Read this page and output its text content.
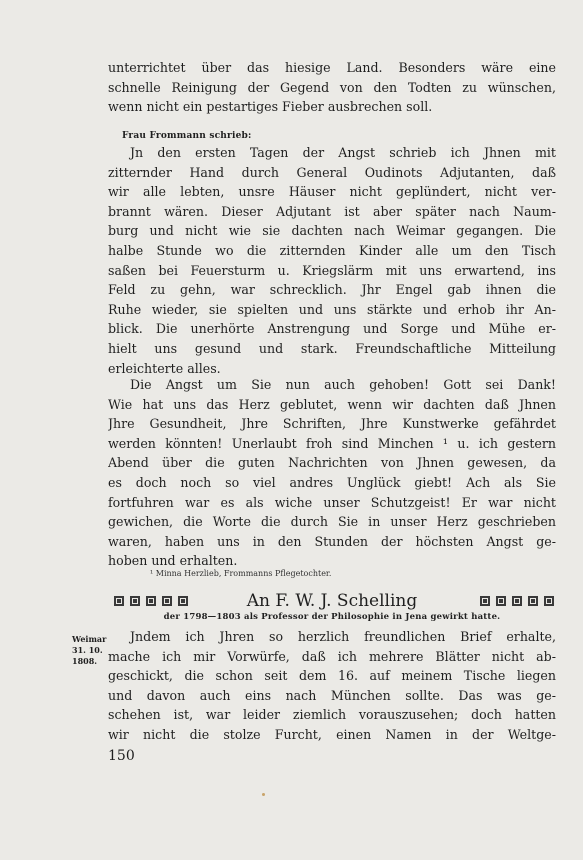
unterrichtet über das hiesige Land. Besonders wäre eine
schnelle Reinigung der Gegend von den Todten zu wünschen,
wenn nicht ein pestartiges Fieber ausbrechen soll.
Frau Frommann schrieb:
Jn den ersten Tagen der Angst schrieb ich Jhnen mit
zitternder Hand durch General Oudinots Adjutanten, daß
wir alle lebten, unsre Häuser nicht geplündert, nicht ver-
brannt wären. Dieser Adjutant ist aber später nach Naum-
burg und nicht wie sie dachten nach Weimar gegangen. Die
halbe Stunde wo die zitternden Kinder alle um den Tisch
saßen bei Feuersturm u. Kriegslärm mit uns erwartend, ins
Feld zu gehn, war schrecklich. Jhr Engel gab ihnen die
Ruhe wieder, sie spielten und uns stärkte und erhob ihr An-
blick. Die unerhörte Anstrengung und Sorge und Mühe er-
hielt uns gesund und stark. Freundschaftliche Mitteilung
erleichterte alles.
Die Angst um Sie nun auch gehoben! Gott sei Dank!
Wie hat uns das Herz geblutet, wenn wir dachten daß Jhnen
Jhre Gesundheit, Jhre Schriften, Jhre Kunstwerke gefährdet
werden könnten! Unerlaubt froh sind Minchen ¹ u. ich gestern
Abend über die guten Nachrichten von Jhnen gewesen, da
es doch noch so viel andres Unglück giebt! Ach als Sie
fortfuhren war es als wiche unser Schutzgeist! Er war nicht
gewichen, die Worte die durch Sie in unser Herz geschrieben
waren, haben uns in den Stunden der höchsten Angst ge-
hoben und erhalten.
¹ Minna Herzlieb, Frommanns Pflegetochter.
An F. W. J. Schelling
der 1798—1803 als Professor der Philosophie in Jena gewirkt hatte.
Weimar
31. 10.
1808.
Jndem ich Jhren so herzlich freundlichen Brief erhalte,
mache ich mir Vorwürfe, daß ich mehrere Blätter nicht ab-
geschickt, die schon seit dem 16. auf meinem Tische liegen
und davon auch eins nach München sollte. Das was ge-
schehen ist, war leider ziemlich vorauszusehen; doch hatten
wir nicht die stolze Furcht, einen Namen in der Weltge-
150
